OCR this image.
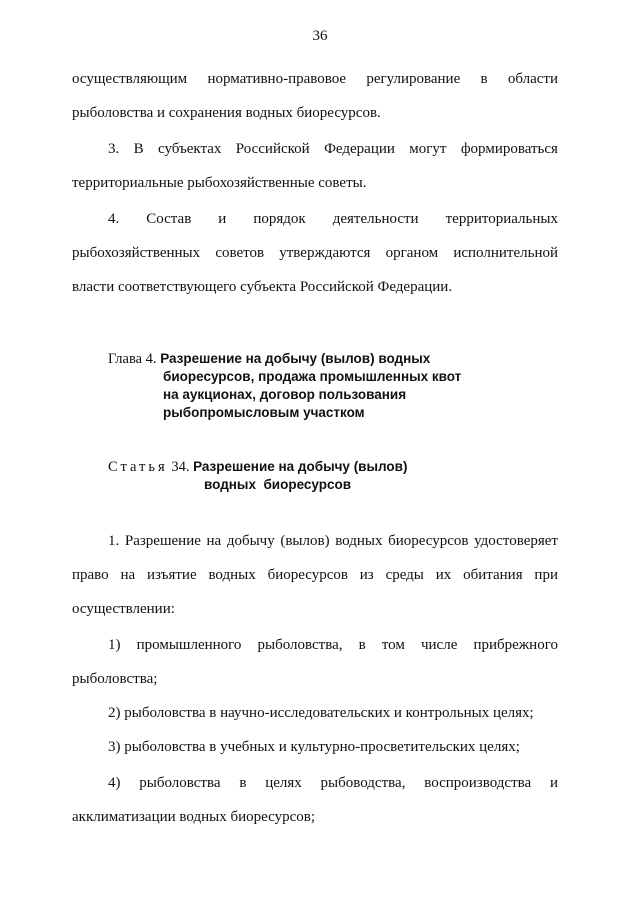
36
осуществляющим нормативно-правовое регулирование в области
рыболовства и сохранения водных биоресурсов.
3. В субъектах Российской Федерации могут формироваться
территориальные рыбохозяйственные советы.
4. Состав и порядок деятельности территориальных
рыбохозяйственных советов утверждаются органом исполнительной
власти соответствующего субъекта Российской Федерации.
Глава 4. Разрешение на добычу (вылов) водных
биоресурсов, продажа промышленных квот
на аукционах, договор пользования
рыбопромысловым участком
Статья 34. Разрешение на добычу (вылов)
водных  биоресурсов
1. Разрешение на добычу (вылов) водных биоресурсов удостоверяет
право на изъятие водных биоресурсов из среды их обитания при
осуществлении:
1) промышленного рыболовства, в том числе прибрежного
рыболовства;
2) рыболовства в научно-исследовательских и контрольных целях;
3) рыболовства в учебных и культурно-просветительских целях;
4) рыболовства в целях рыбоводства, воспроизводства и
акклиматизации водных биоресурсов;
